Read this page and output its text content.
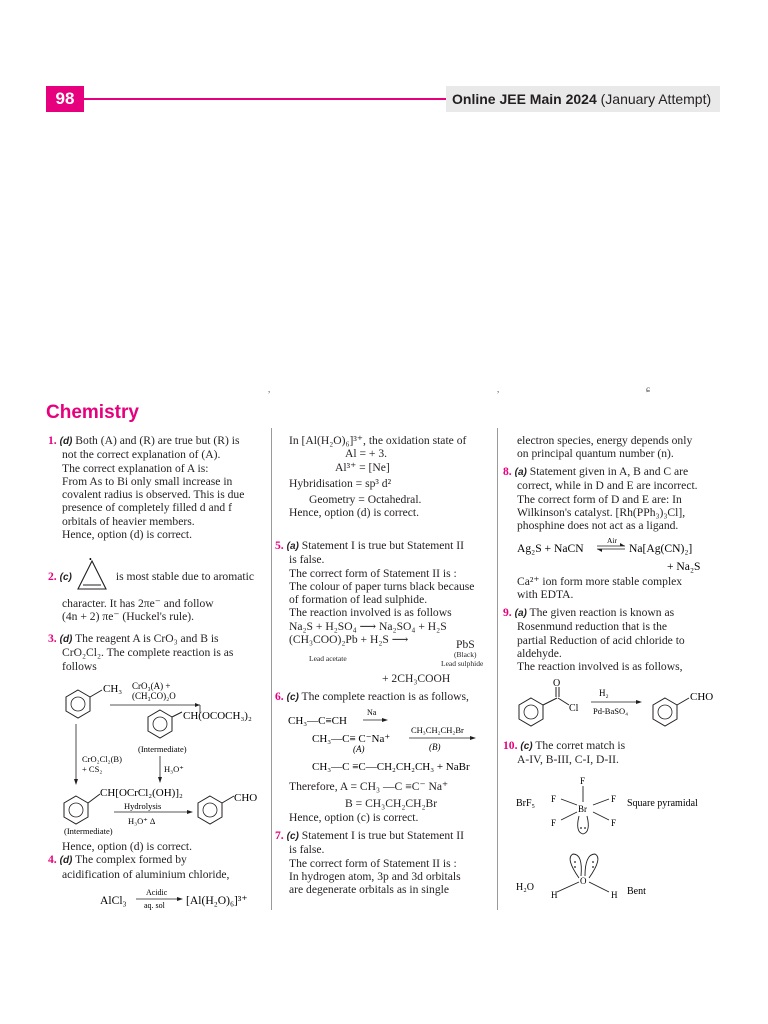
98	Online JEE Main 2024 (January Attempt)
,	,	ɕ
Chemistry

1. (d) Both (A) and (R) are true but (R) is

not the correct explanation of (A).

The correct explanation of A is:

From As to Bi only small increase in

covalent radius is observed. This is due

presence of completely filled d and f

orbitals of heavier members.

Hence, option (d) is correct.

•

2. (c)	is most stable due to aromatic

character. It has 2πe⁻ and follow

(4n + 2) πe⁻ (Huckel's rule).

3. (d) The reagent A is CrO₃ and B is

CrO₂Cl₂. The complete reaction is as

follows

CH₃ CrO₃(A) +
(CH₃CO)₂O
CH(OCOCH₃)₂
(Intermediate)
H₃O⁺
CrO₂Cl₂(B)
+ CS₂
CH[OCrCl₂(OH)]₂
Hydrolysis
H₃O⁺ Δ
(Intermediate)
CHO

Hence, option (d) is correct.

4. (d) The complex formed by

acidification of aluminium chloride,

AlCl₃
Acidic
aq. sol [Al(H₂O)₆]³⁺

In [Al(H₂O)₆]³⁺, the oxidation state of

Al = + 3.

Al³⁺ = [Ne]

Hybridisation = sp³ d²

Geometry = Octahedral.

Hence, option (d) is correct.

5. (a) Statement I is true but Statement II

is false.

The correct form of Statement II is :

The colour of paper turns black because

of formation of lead sulphide.

The reaction involved is as follows

Na₂S + H₂SO₄ ⟶ Na₂SO₄ + H₂S

(CH₃COO)₂Pb + H₂S ⟶	PbS
(Black)
Lead acetate
Lead sulphide
+ 2CH₃COOH

6. (c) The complete reaction is as follows,

CH₃—C≡CH
Na
CH₃—C≡ C⁻Na⁺
(A)
CH₃CH₂CH₂Br
(B)
CH₃—C ≡C—CH₂CH₂CH₃ + NaBr

Therefore, A = CH₃ —C ≡C⁻ Na⁺

B = CH₃CH₂CH₂Br

Hence, option (c) is correct.

7. (c) Statement I is true but Statement II

is false.

The correct form of Statement II is :

In hydrogen atom, 3p and 3d orbitals

are degenerate orbitals as in single

electron species, energy depends only

on principal quantum number (n).

8. (a) Statement given in A, B and C are

correct, while in D and E are incorrect.

The correct form of D and E are: In

Wilkinson's catalyst. [Rh(PPh₃)₃Cl],

phosphine does not act as a ligand.

Ag₂S + NaCN
Air
Na[Ag(CN)₂]
+ Na₂S

Ca²⁺ ion form more stable complex

with EDTA.

9. (a) The given reaction is known as

Rosenmund reduction that is the

partial Reduction of acid chloride to

aldehyde.

The reaction involved is as follows,

O
Cl
H₂
Pd-BaSO₄
CHO

10. (c) The corret match is

A-IV, B-III, C-I, D-II.

BrF₅
F
Br
F	F
F	F
Square pyramidal
O
H₂O
H	H Bent
